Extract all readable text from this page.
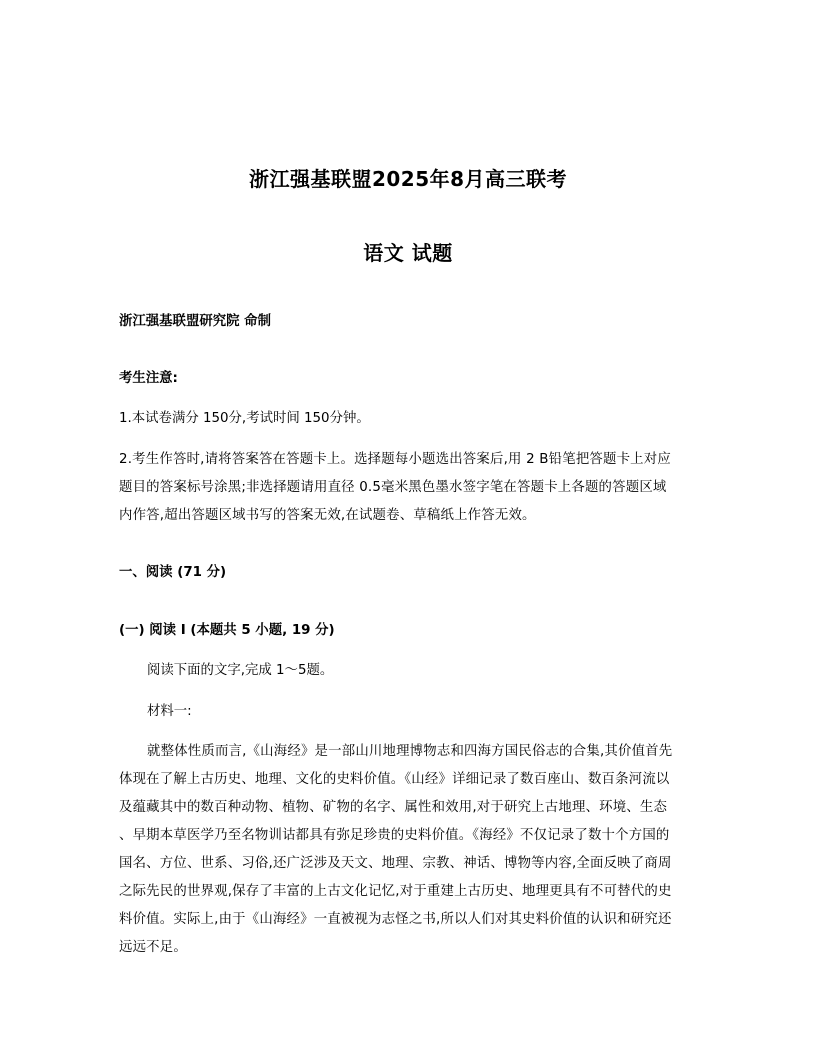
浙江强基联盟2025年8月高三联考
语文 试题
浙江强基联盟研究院 命制
考生注意:
1.本试卷满分 150分,考试时间 150分钟。
2.考生作答时,请将答案答在答题卡上。选择题每小题选出答案后,用 2 B铅笔把答题卡上对应
题目的答案标号涂黑;非选择题请用直径 0.5毫米黑色墨水签字笔在答题卡上各题的答题区域
内作答,超出答题区域书写的答案无效,在试题卷、草稿纸上作答无效。
一、阅读 (71 分)
(一) 阅读 I (本题共 5 小题, 19 分)
阅读下面的文字,完成 1～5题。
材料一:
就整体性质而言,《山海经》是一部山川地理博物志和四海方国民俗志的合集,其价值首先
体现在了解上古历史、地理、文化的史料价值。《山经》详细记录了数百座山、数百条河流以
及蕴藏其中的数百种动物、植物、矿物的名字、属性和效用,对于研究上古地理、环境、生态
、早期本草医学乃至名物训诂都具有弥足珍贵的史料价值。《海经》不仅记录了数十个方国的
国名、方位、世系、习俗,还广泛涉及天文、地理、宗教、神话、博物等内容,全面反映了商周
之际先民的世界观,保存了丰富的上古文化记忆,对于重建上古历史、地理更具有不可替代的史
料价值。实际上,由于《山海经》一直被视为志怪之书,所以人们对其史料价值的认识和研究还
远远不足。
